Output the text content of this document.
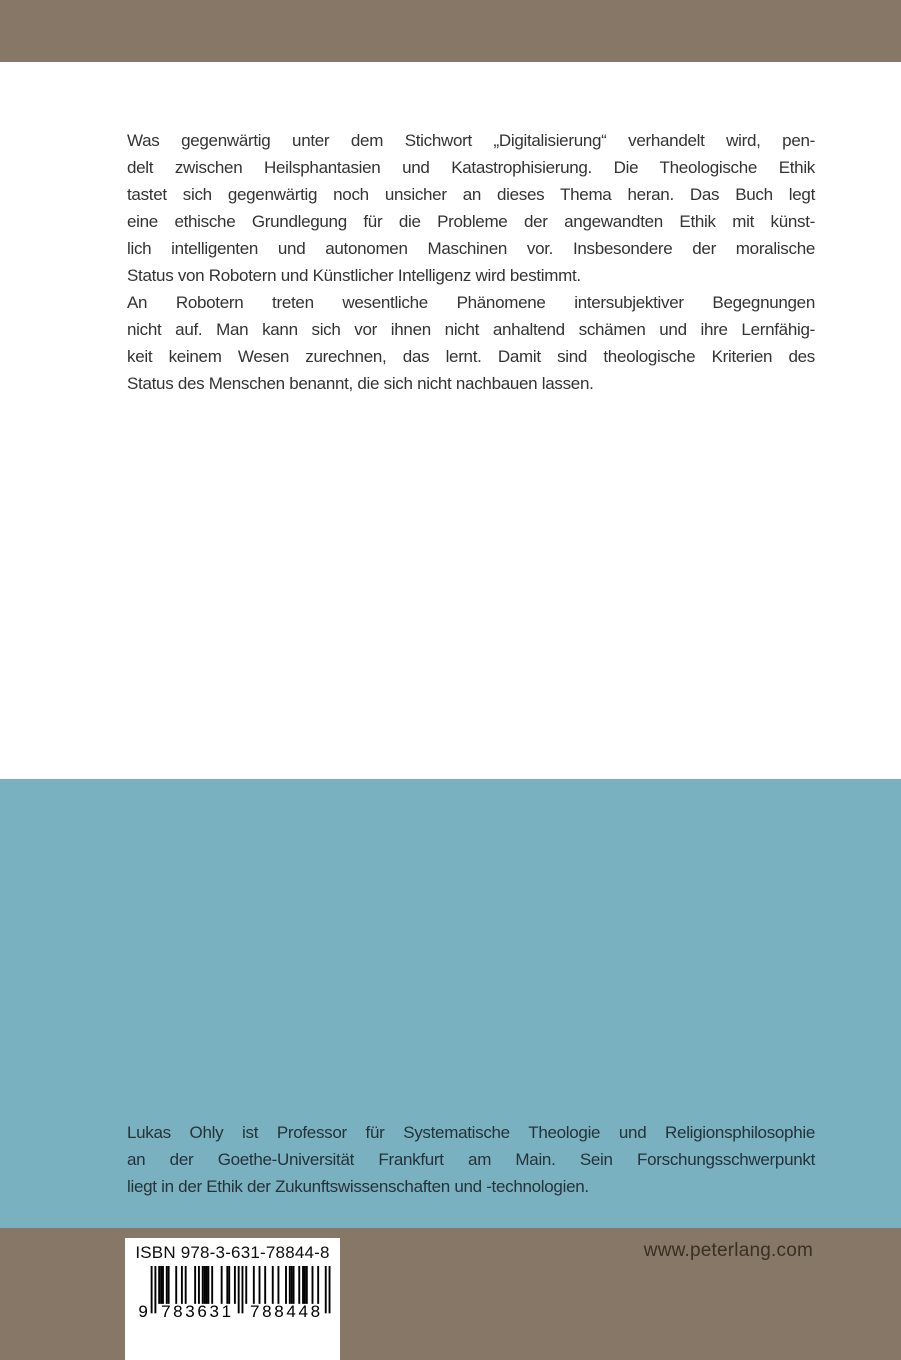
Was gegenwärtig unter dem Stichwort „Digitalisierung“ verhandelt wird, pen-
delt zwischen Heilsphantasien und Katastrophisierung. Die Theologische Ethik
tastet sich gegenwärtig noch unsicher an dieses Thema heran. Das Buch legt
eine ethische Grundlegung für die Probleme der angewandten Ethik mit künst-
lich intelligenten und autonomen Maschinen vor. Insbesondere der moralische
Status von Robotern und Künstlicher Intelligenz wird bestimmt.
An Robotern treten wesentliche Phänomene intersubjektiver Begegnungen
nicht auf. Man kann sich vor ihnen nicht anhaltend schämen und ihre Lernfähig-
keit keinem Wesen zurechnen, das lernt. Damit sind theologische Kriterien des
Status des Menschen benannt, die sich nicht nachbauen lassen.
Lukas Ohly ist Professor für Systematische Theologie und Religionsphilosophie
an der Goethe-Universität Frankfurt am Main. Sein Forschungsschwerpunkt
liegt in der Ethik der Zukunftswissenschaften und -technologien.
ISBN 978-3-631-78844-8
9 783631 788448
www.peterlang.com
